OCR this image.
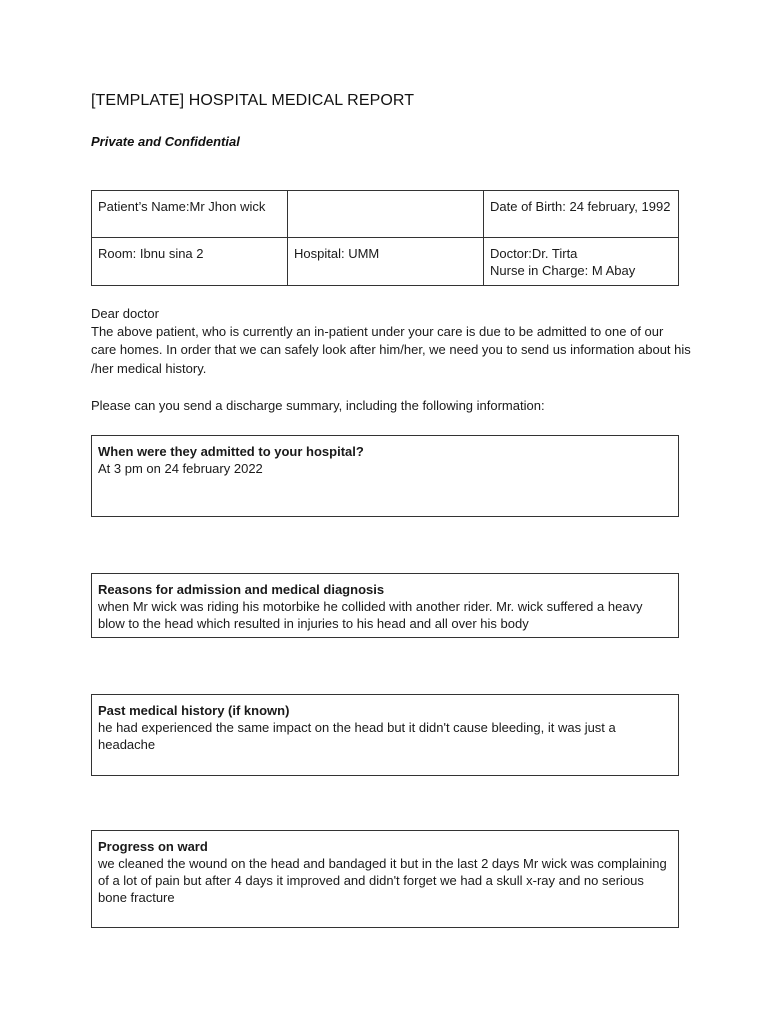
[TEMPLATE] HOSPITAL MEDICAL REPORT
Private and Confidential
Patient’s Name:Mr Jhon wick		Date of Birth: 24 february, 1992
Room: Ibnu sina 2	Hospital: UMM	Doctor:Dr. Tirta
Nurse in Charge: M Abay

Dear doctor

The above patient, who is currently an in-patient under your care is due to be admitted to one of our care homes. In order that we can safely look after him/her, we need you to send us information about his /her medical history.

Please can you send a discharge summary, including the following information:
When were they admitted to your hospital?
At 3 pm on 24 february 2022
Reasons for admission and medical diagnosis
when Mr wick was riding his motorbike he collided with another rider. Mr. wick suffered a heavy blow to the head which resulted in injuries to his head and all over his body
Past medical history (if known)
he had experienced the same impact on the head but it didn't cause bleeding, it was just a headache
Progress on ward
we cleaned the wound on the head and bandaged it but in the last 2 days Mr wick was complaining of a lot of pain but after 4 days it improved and didn't forget we had a skull x-ray and no serious bone fracture
